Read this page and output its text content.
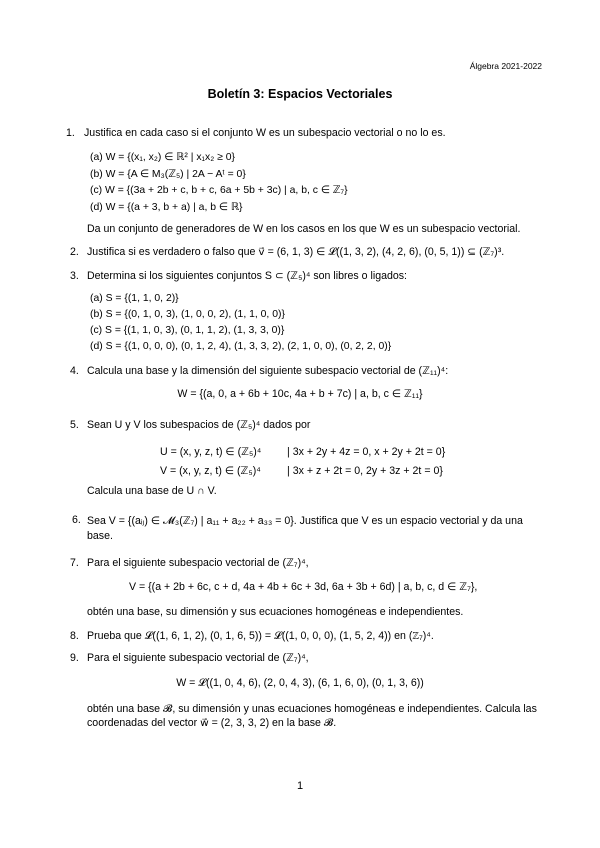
Álgebra 2021-2022
Boletín 3: Espacios Vectoriales
1. Justifica en cada caso si el conjunto W es un subespacio vectorial o no lo es.
(a) W = {(x₁, x₂) ∈ ℝ² | x₁x₂ ≥ 0}
(b) W = {A ∈ M₃(ℤ₅) | 2A − Aᵗ = 0}
(c) W = {(3a + 2b + c, b + c, 6a + 5b + 3c) | a, b, c ∈ ℤ₇}
(d) W = {(a + 3, b + a) | a, b ∈ ℝ}
Da un conjunto de generadores de W en los casos en los que W es un subespacio vectorial.
2. Justifica si es verdadero o falso que v⃗ = (6, 1, 3) ∈ 𝓛((1, 3, 2), (4, 2, 6), (0, 5, 1)) ⊆ (ℤ₇)³.
3. Determina si los siguientes conjuntos S ⊂ (ℤ₅)⁴ son libres o ligados:
(a) S = {(1, 1, 0, 2)}
(b) S = {(0, 1, 0, 3), (1, 0, 0, 2), (1, 1, 0, 0)}
(c) S = {(1, 1, 0, 3), (0, 1, 1, 2), (1, 3, 3, 0)}
(d) S = {(1, 0, 0, 0), (0, 1, 2, 4), (1, 3, 3, 2), (2, 1, 0, 0), (0, 2, 2, 0)}
4. Calcula una base y la dimensión del siguiente subespacio vectorial de (ℤ₁₁)⁴:
W = {(a, 0, a + 6b + 10c, 4a + b + 7c) | a, b, c ∈ ℤ₁₁}
5. Sean U y V los subespacios de (ℤ₅)⁴ dados por
U = (x, y, z, t) ∈ (ℤ₅)⁴ | 3x + 2y + 4z = 0, x + 2y + 2t = 0}
V = (x, y, z, t) ∈ (ℤ₅)⁴ | 3x + z + 2t = 0, 2y + 3z + 2t = 0}
Calcula una base de U ∩ V.
6. Sea V = {(aᵢⱼ) ∈ 𝓜₃(ℤ₇) | a₁₁ + a₂₂ + a₃₃ = 0}. Justifica que V es un espacio vectorial y da una base.
7. Para el siguiente subespacio vectorial de (ℤ₇)⁴,
V = {(a + 2b + 6c, c + d, 4a + 4b + 6c + 3d, 6a + 3b + 6d) | a, b, c, d ∈ ℤ₇},
obtén una base, su dimensión y sus ecuaciones homogéneas e independientes.
8. Prueba que 𝓛((1, 6, 1, 2), (0, 1, 6, 5)) = 𝓛((1, 0, 0, 0), (1, 5, 2, 4)) en (ℤ₇)⁴.
9. Para el siguiente subespacio vectorial de (ℤ₇)⁴,
W = 𝓛((1, 0, 4, 6), (2, 0, 4, 3), (6, 1, 6, 0), (0, 1, 3, 6))
obtén una base 𝓑, su dimensión y unas ecuaciones homogéneas e independientes. Calcula las coordenadas del vector w⃗ = (2, 3, 3, 2) en la base 𝓑.
1
